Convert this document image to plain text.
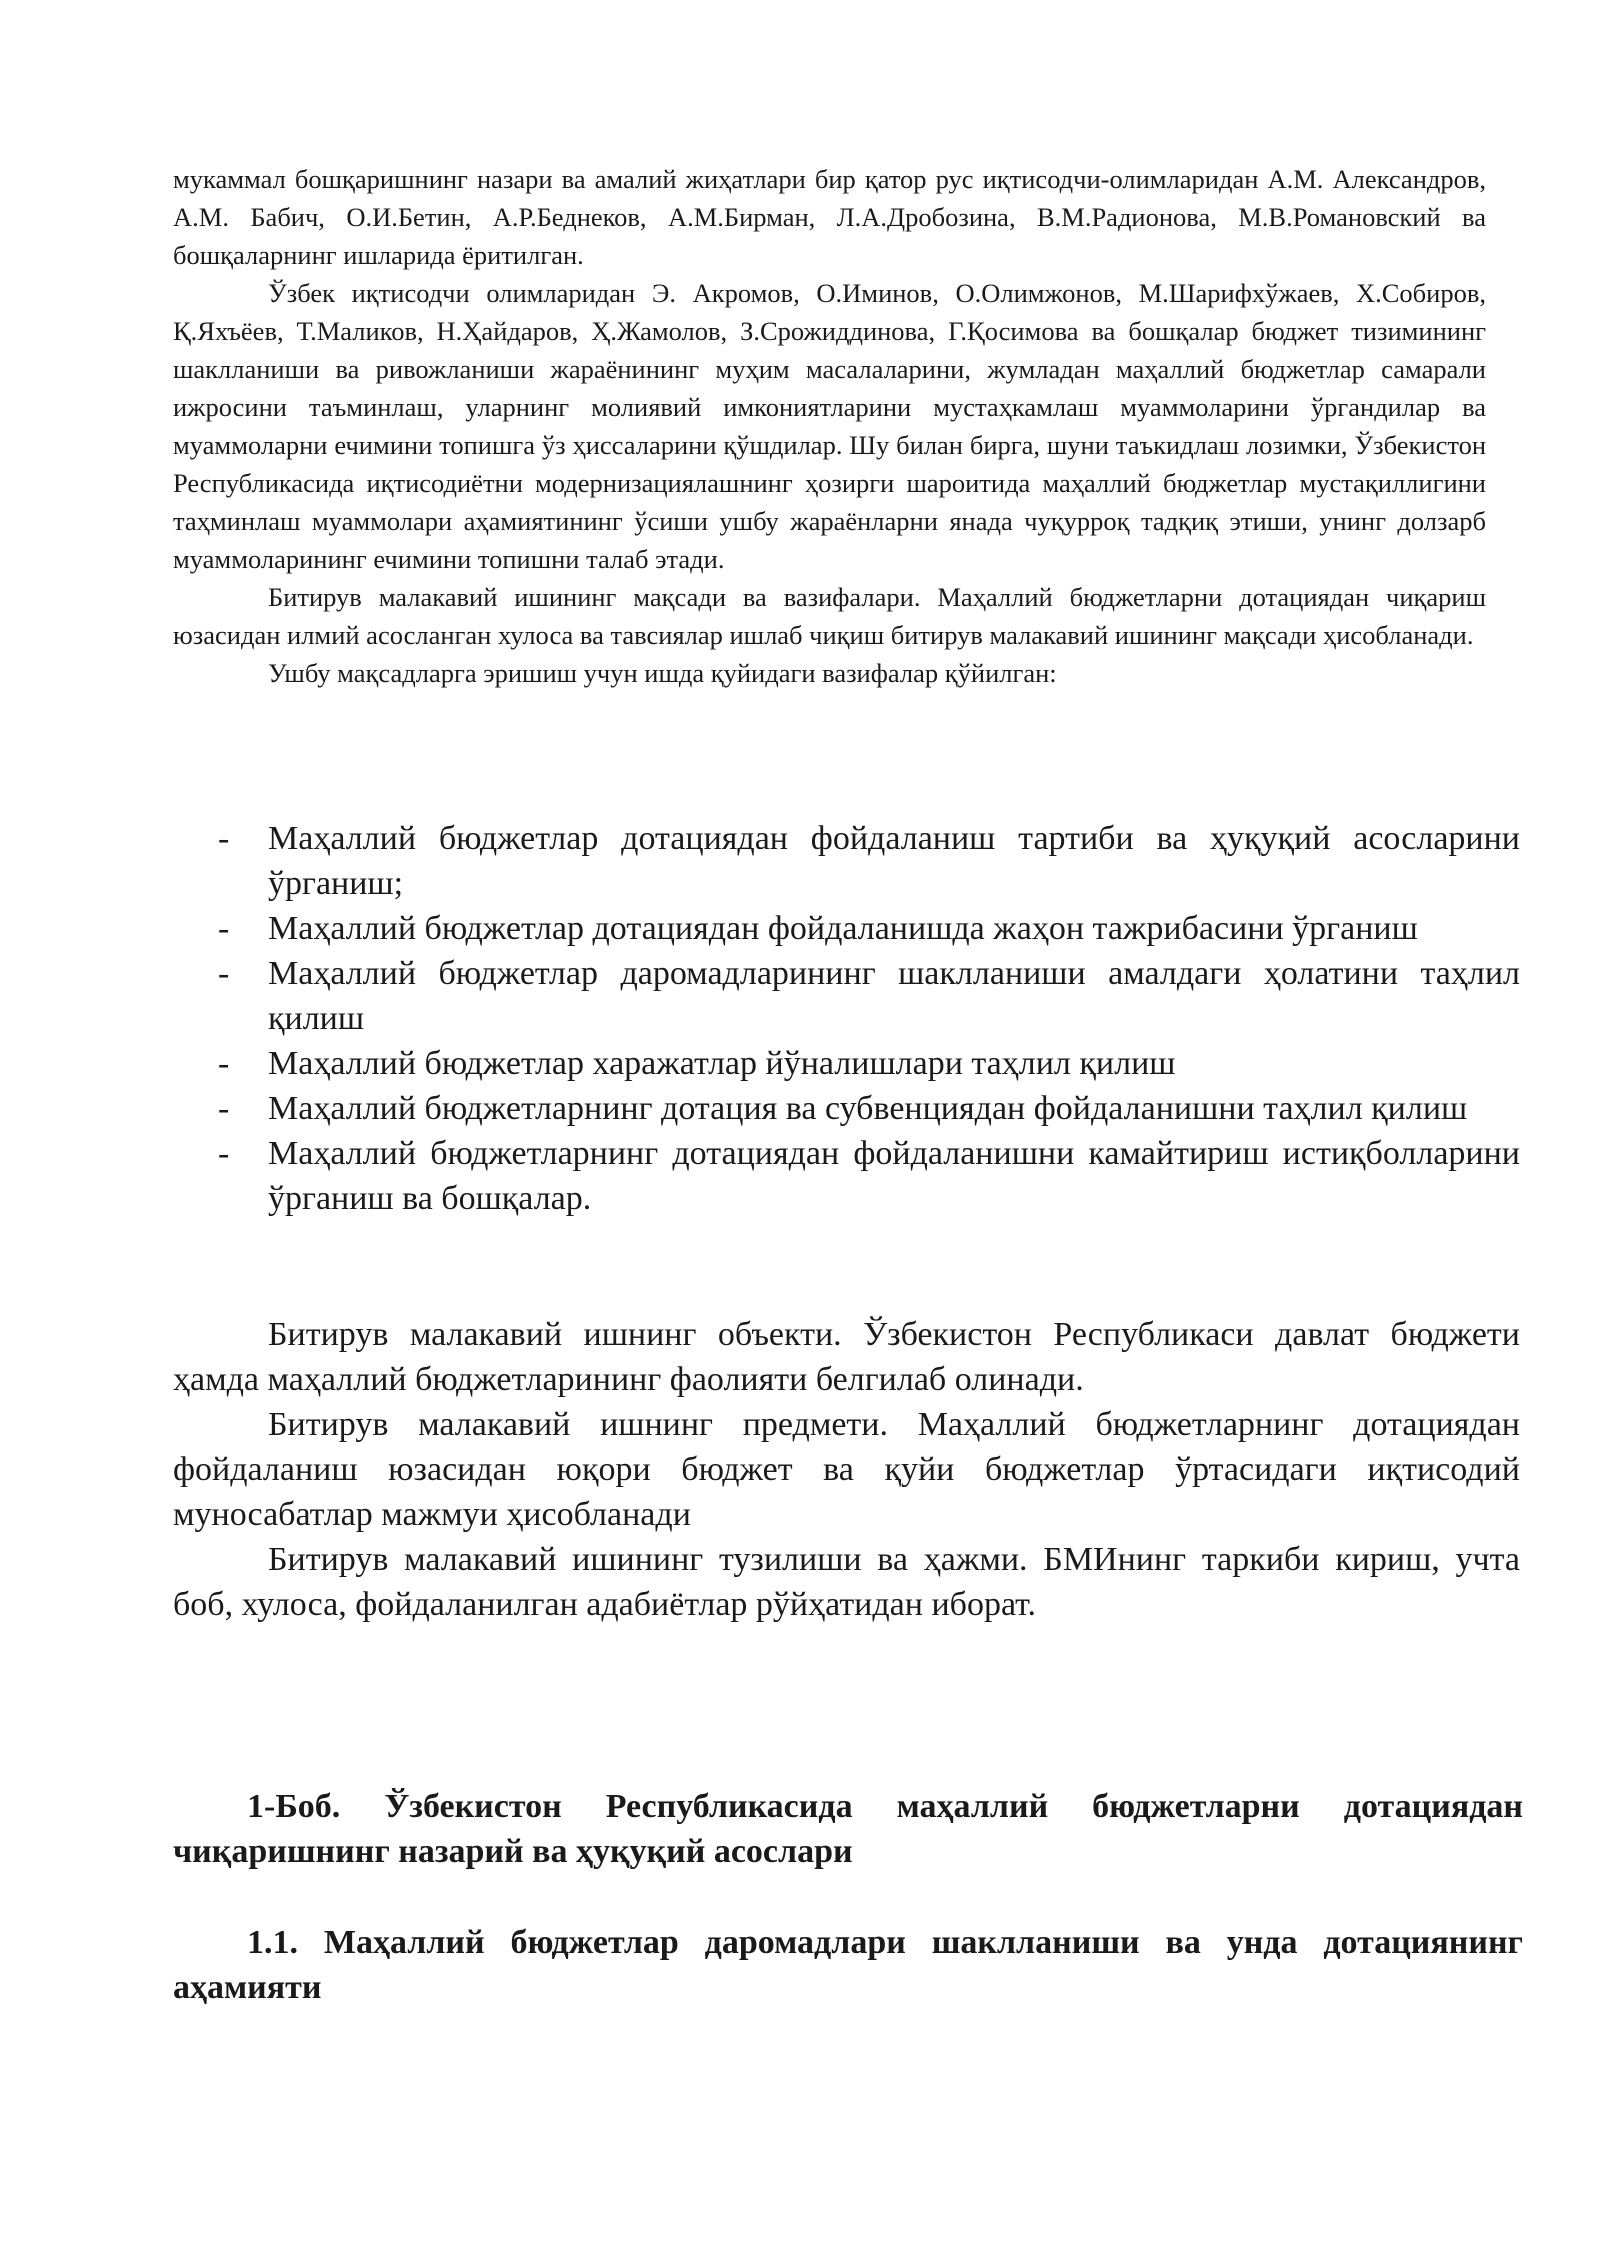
мукаммал бошқаришнинг назари ва амалий жиҳатлари бир қатор рус иқтисодчи-олимларидан А.М. Александров, А.М. Бабич, О.И.Бетин, А.Р.Беднеков, А.М.Бирман, Л.А.Дробозина, В.М.Радионова, М.В.Романовский ва бошқаларнинг ишларида ёритилган.

Ўзбек иқтисодчи олимларидан Э. Акромов, О.Иминов, О.Олимжонов, М.Шарифхўжаев, Х.Собиров, Қ.Яхъёев, Т.Маликов, Н.Ҳайдаров, Ҳ.Жамолов, З.Срожиддинова, Г.Қосимова ва бошқалар бюджет тизимининг шаклланиши ва ривожланиши жараёнининг муҳим масалаларини, жумладан маҳаллий бюджетлар самарали ижросини таъминлаш, уларнинг молиявий имкониятларини мустаҳкамлаш муаммоларини ўргандилар ва муаммоларни ечимини топишга ўз ҳиссаларини қўшдилар. Шу билан бирга, шуни таъкидлаш лозимки, Ўзбекистон Республикасида иқтисодиётни модернизациялашнинг ҳозирги шароитида маҳаллий бюджетлар мустақиллигини таҳминлаш муаммолари аҳамиятининг ўсиши ушбу жараёнларни янада чуқурроқ тадқиқ этиши, унинг долзарб муаммоларининг ечимини топишни талаб этади.

Битирув малакавий ишининг мақсади ва вазифалари. Маҳаллий бюджетларни дотациядан чиқариш юзасидан илмий асосланган хулоса ва тавсиялар ишлаб чиқиш битирув малакавий ишининг мақсади ҳисобланади.

Ушбу мақсадларга эришиш учун ишда қуйидаги вазифалар қўйилган:

- Маҳаллий бюджетлар дотациядан фойдаланиш тартиби ва ҳуқуқий асосларини ўрганиш;
- Маҳаллий бюджетлар дотациядан фойдаланишда жаҳон тажрибасини ўрганиш
- Маҳаллий бюджетлар даромадларининг шаклланиши амалдаги ҳолатини таҳлил қилиш
- Маҳаллий бюджетлар харажатлар йўналишлари таҳлил қилиш
- Маҳаллий бюджетларнинг дотация ва субвенциядан фойдаланишни таҳлил қилиш
- Маҳаллий бюджетларнинг дотациядан фойдаланишни камайтириш истиқболларини ўрганиш ва бошқалар.

Битирув малакавий ишнинг объекти. Ўзбекистон Республикаси давлат бюджети ҳамда маҳаллий бюджетларининг фаолияти белгилаб олинади.

Битирув малакавий ишнинг предмети. Маҳаллий бюджетларнинг дотациядан фойдаланиш юзасидан юқори бюджет ва қуйи бюджетлар ўртасидаги иқтисодий муносабатлар мажмуи ҳисобланади

Битирув малакавий ишининг тузилиши ва ҳажми. БМИнинг таркиби кириш, учта боб, хулоса, фойдаланилган адабиётлар рўйҳатидан иборат.

1-Боб. Ўзбекистон Республикасида маҳаллий бюджетларни дотациядан чиқаришнинг назарий ва ҳуқуқий асослари

1.1. Маҳаллий бюджетлар даромадлари шаклланиши ва унда дотациянинг аҳамияти
